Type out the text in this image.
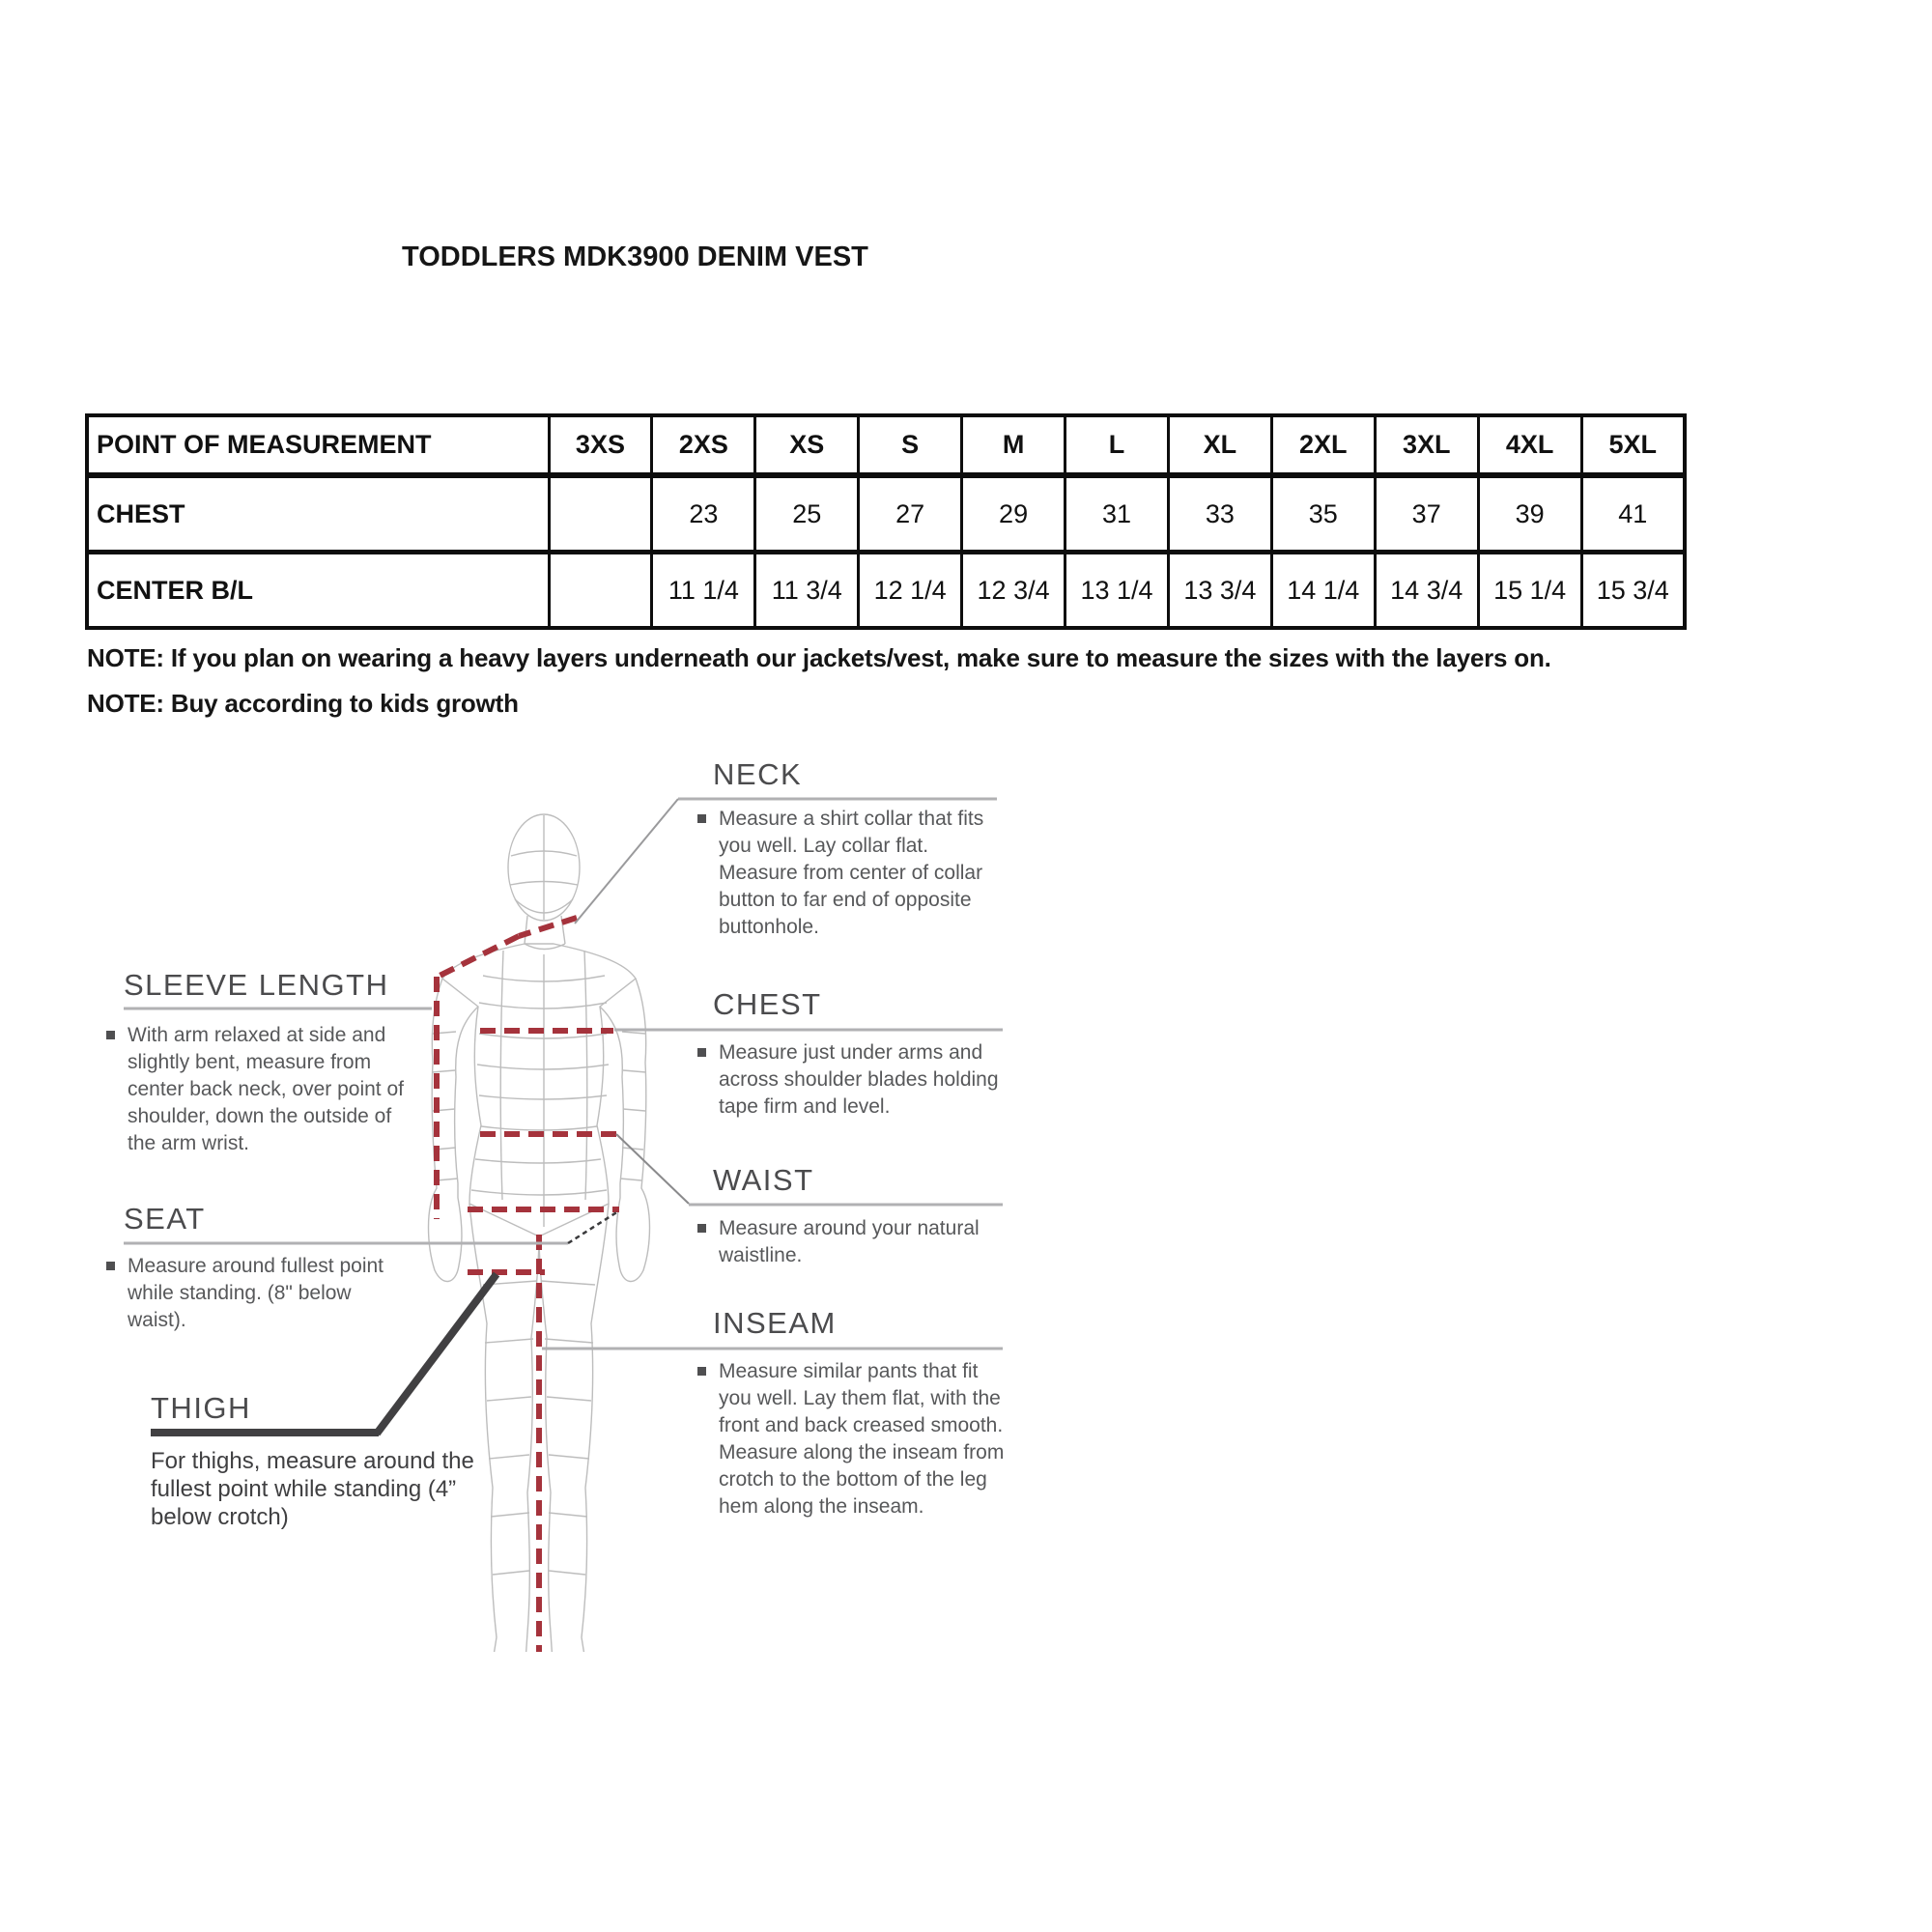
TODDLERS MDK3900 DENIM VEST
POINT OF MEASUREMENT	3XS	2XS	XS	S	M	L	XL	2XL	3XL	4XL	5XL
CHEST		23	25	27	29	31	33	35	37	39	41
CENTER B/L		11 1/4	11 3/4	12 1/4	12 3/4	13 1/4	13 3/4	14 1/4	14 3/4	15 1/4	15 3/4
NOTE: If you plan on wearing a heavy layers underneath our jackets/vest, make sure to measure the sizes with the layers on.
NOTE: Buy according to kids growth
NECK

Measure a shirt collar that fits you well. Lay collar flat. Measure from center of collar button to far end of opposite buttonhole.

CHEST

Measure just under arms and across shoulder blades holding tape firm and level.

WAIST

Measure around your natural waistline.

INSEAM

Measure similar pants that fit you well. Lay them flat, with the front and back creased smooth. Measure along the inseam from crotch to the bottom of the leg hem along the inseam.

SLEEVE LENGTH

With arm relaxed at side and slightly bent, measure from center back neck, over point of shoulder, down the outside of the arm wrist.

SEAT

Measure around fullest point while standing. (8" below waist).

THIGH
For thighs, measure around the fullest point while standing (4” below crotch)
